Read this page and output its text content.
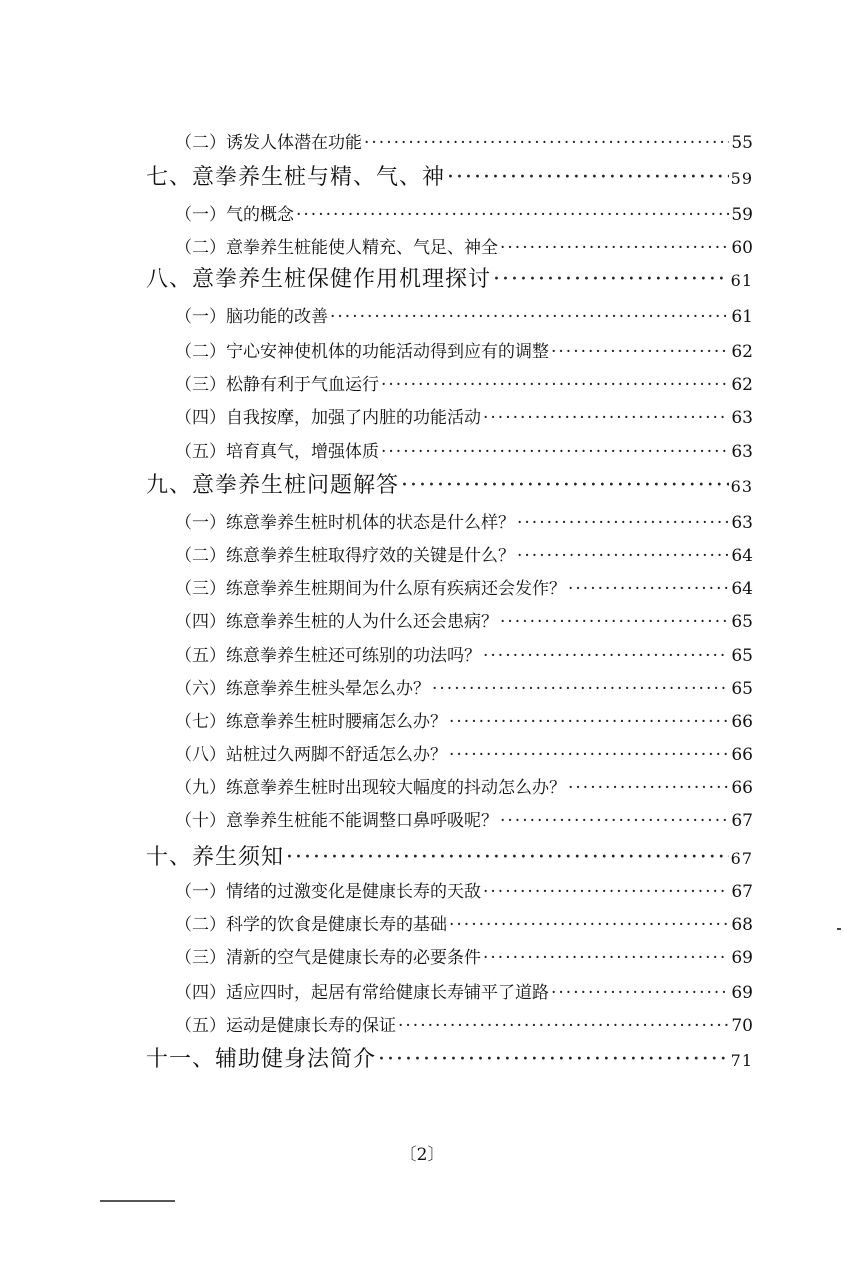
（二）诱发人体潜在功能 ·····	55
七、意拳养生桩与精、气、神 ·····	59
（一）气的概念 ·····	59
（二）意拳养生桩能使人精充、气足、神全 ·····	60
八、意拳养生桩保健作用机理探讨 ·····	61
（一）脑功能的改善 ·····	61
（二）宁心安神使机体的功能活动得到应有的调整 ·····	62
（三）松静有利于气血运行 ·····	62
（四）自我按摩，加强了内脏的功能活动 ·····	63
（五）培育真气，增强体质 ·····	63
九、意拳养生桩问题解答 ·····	63
（一）练意拳养生桩时机体的状态是什么样？ ·····	63
（二）练意拳养生桩取得疗效的关键是什么？ ·····	64
（三）练意拳养生桩期间为什么原有疾病还会发作？ ·····	64
（四）练意拳养生桩的人为什么还会患病？ ·····	65
（五）练意拳养生桩还可练别的功法吗？ ·····	65
（六）练意拳养生桩头晕怎么办？ ·····	65
（七）练意拳养生桩时腰痛怎么办？ ·····	66
（八）站桩过久两脚不舒适怎么办？ ·····	66
（九）练意拳养生桩时出现较大幅度的抖动怎么办？ ·····	66
（十）意拳养生桩能不能调整口鼻呼吸呢？ ·····	67
十、养生须知 ·····	67
（一）情绪的过激变化是健康长寿的天敌 ·····	67
（二）科学的饮食是健康长寿的基础 ·····	68
（三）清新的空气是健康长寿的必要条件 ·····	69
（四）适应四时，起居有常给健康长寿铺平了道路 ·····	69
（五）运动是健康长寿的保证 ·····	70
十一、辅助健身法简介 ·····	71
〔2〕
